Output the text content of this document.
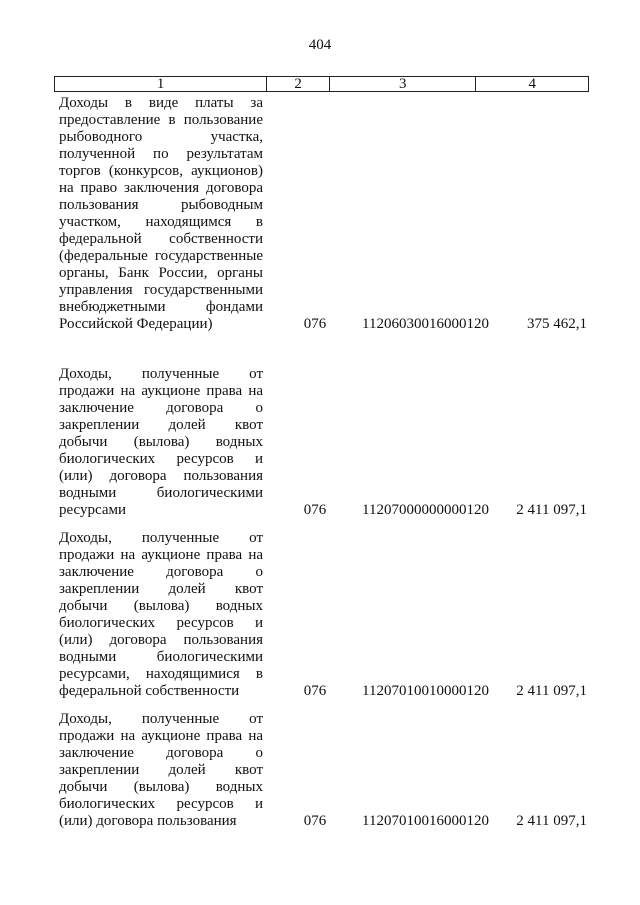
404
1	2	3	4
Доходы в виде платы за предоставление в пользование рыбоводного участка, полученной по результатам торгов (конкурсов, аукционов) на право заключения договора пользования рыбоводным участком, находящимся в федеральной собственности (федеральные государственные органы, Банк России, органы управления государственными внебюджетными фондами Российской Федерации)	076	11206030016000120	375 462,1
Доходы, полученные от продажи на аукционе права на заключение договора о закреплении долей квот добычи (вылова) водных биологических ресурсов и (или) договора пользования водными биологическими ресурсами	076	11207000000000120	2 411 097,1
Доходы, полученные от продажи на аукционе права на заключение договора о закреплении долей квот добычи (вылова) водных биологических ресурсов и (или) договора пользования водными биологическими ресурсами, находящимися в федеральной собственности	076	11207010010000120	2 411 097,1
Доходы, полученные от продажи на аукционе права на заключение договора о закреплении долей квот добычи (вылова) водных биологических ресурсов и (или) договора пользования	076	11207010016000120	2 411 097,1
